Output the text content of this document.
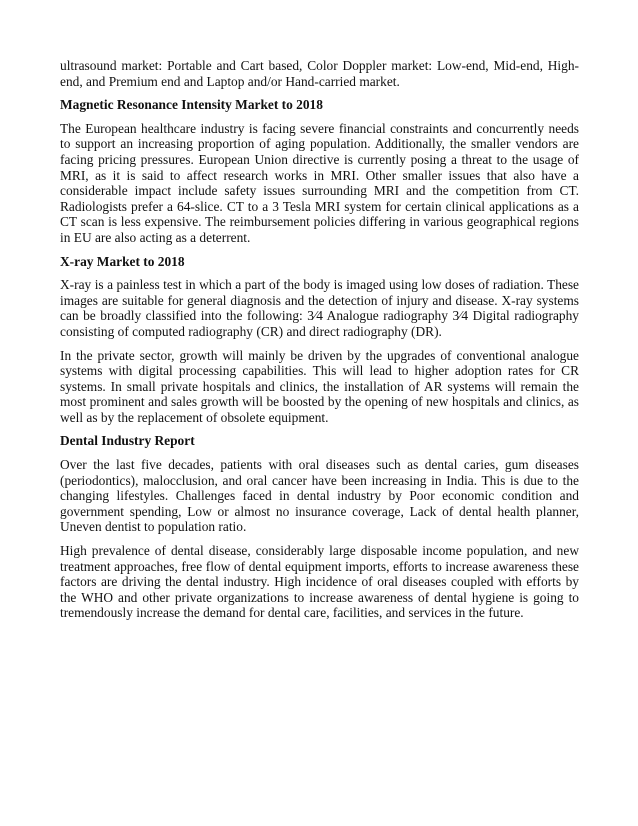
ultrasound market: Portable and Cart based, Color Doppler market: Low-end, Mid-end, High-end, and Premium end and Laptop and/or Hand-carried market.

Magnetic Resonance Intensity Market to 2018

The European healthcare industry is facing severe financial constraints and concurrently needs to support an increasing proportion of aging population. Additionally, the smaller vendors are facing pricing pressures. European Union directive is currently posing a threat to the usage of MRI, as it is said to affect research works in MRI. Other smaller issues that also have a considerable impact include safety issues surrounding MRI and the competition from CT. Radiologists prefer a 64-slice. CT to a 3 Tesla MRI system for certain clinical applications as a CT scan is less expensive. The reimbursement policies differing in various geographical regions in EU are also acting as a deterrent.

X-ray Market to 2018

X-ray is a painless test in which a part of the body is imaged using low doses of radiation. These images are suitable for general diagnosis and the detection of injury and disease. X-ray systems can be broadly classified into the following: 3⁄4 Analogue radiography 3⁄4 Digital radiography consisting of computed radiography (CR) and direct radiography (DR).

In the private sector, growth will mainly be driven by the upgrades of conventional analogue systems with digital processing capabilities. This will lead to higher adoption rates for CR systems. In small private hospitals and clinics, the installation of AR systems will remain the most prominent and sales growth will be boosted by the opening of new hospitals and clinics, as well as by the replacement of obsolete equipment.

Dental Industry Report

Over the last five decades, patients with oral diseases such as dental caries, gum diseases (periodontics), malocclusion, and oral cancer have been increasing in India. This is due to the changing lifestyles. Challenges faced in dental industry by Poor economic condition and government spending, Low or almost no insurance coverage, Lack of dental health planner, Uneven dentist to population ratio.

High prevalence of dental disease, considerably large disposable income population, and new treatment approaches, free flow of dental equipment imports, efforts to increase awareness these factors are driving the dental industry. High incidence of oral diseases coupled with efforts by the WHO and other private organizations to increase awareness of dental hygiene is going to tremendously increase the demand for dental care, facilities, and services in the future.
